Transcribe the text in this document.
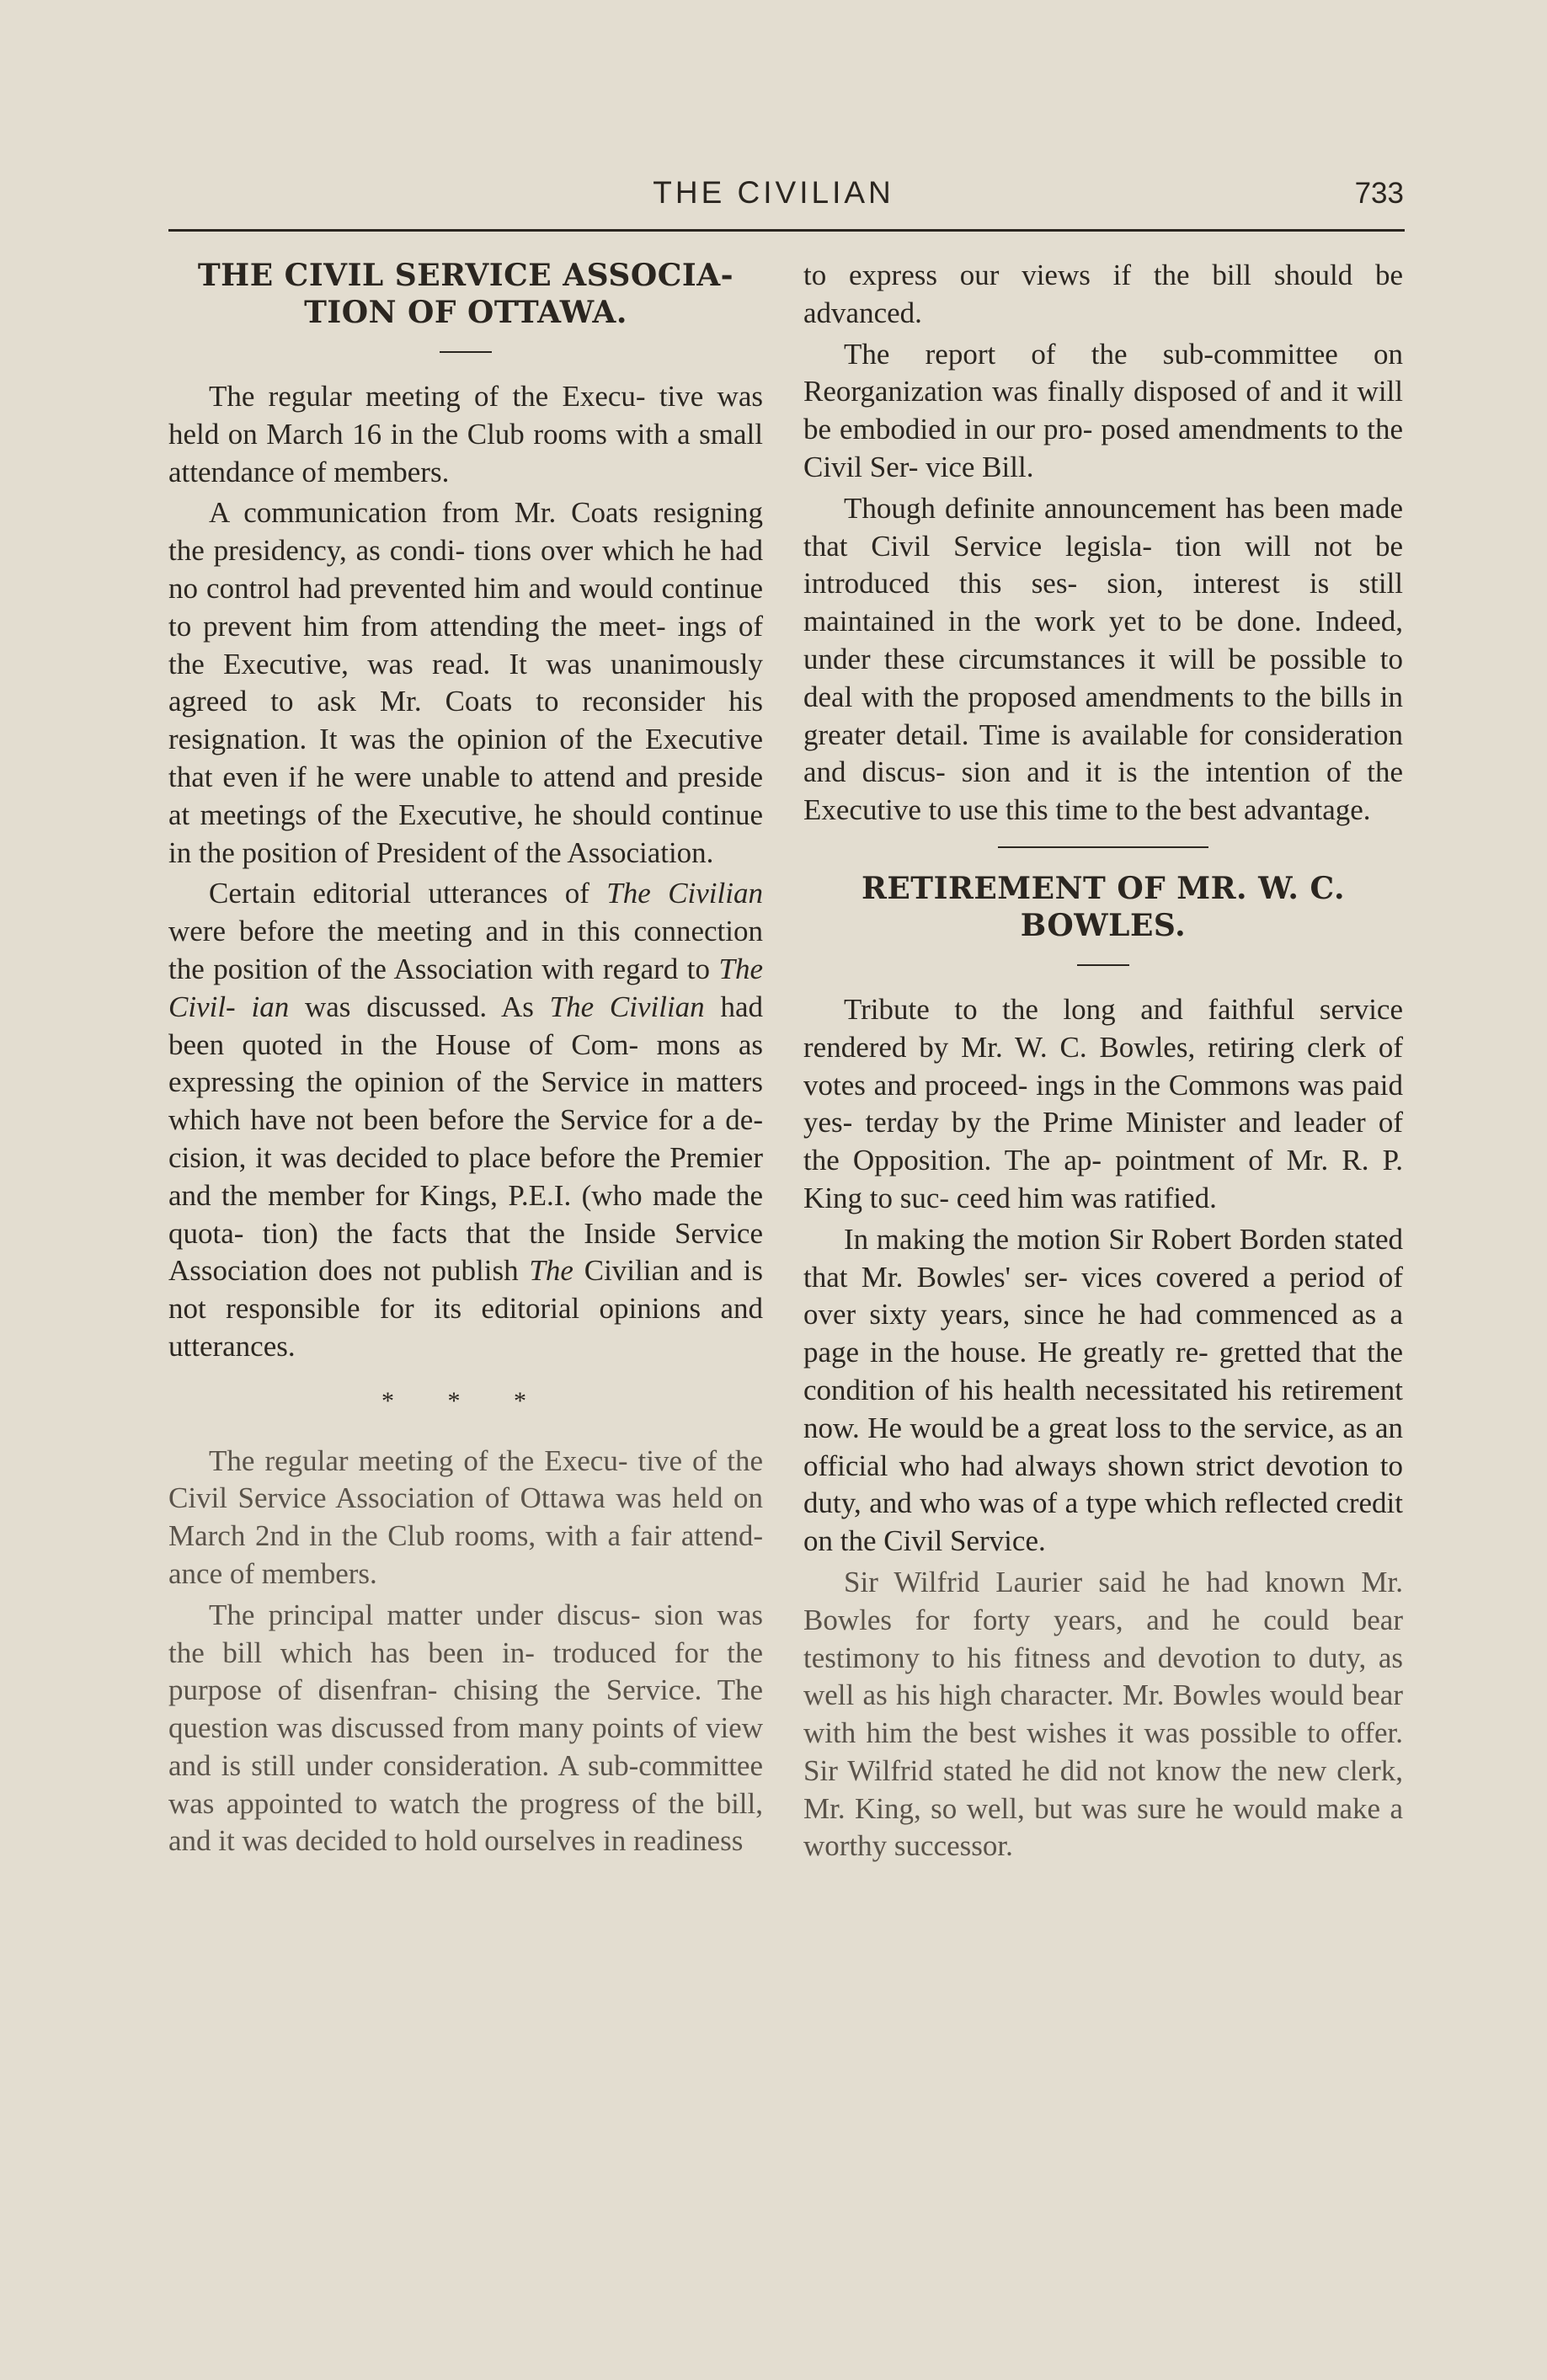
THE CIVILIAN	733
THE CIVIL SERVICE ASSOCIA- TION OF OTTAWA.

The regular meeting of the Execu- tive was held on March 16 in the Club rooms with a small attendance of members.

A communication from Mr. Coats resigning the presidency, as condi- tions over which he had no control had prevented him and would continue to prevent him from attending the meet- ings of the Executive, was read. It was unanimously agreed to ask Mr. Coats to reconsider his resignation. It was the opinion of the Executive that even if he were unable to attend and preside at meetings of the Executive, he should continue in the position of President of the Association.

Certain editorial utterances of The Civilian were before the meeting and in this connection the position of the Association with regard to The Civil- ian was discussed. As The Civilian had been quoted in the House of Com- mons as expressing the opinion of the Service in matters which have not been before the Service for a de- cision, it was decided to place before the Premier and the member for Kings, P.E.I. (who made the quota- tion) the facts that the Inside Service Association does not publish The Civilian and is not responsible for its editorial opinions and utterances.

* * *

The regular meeting of the Execu- tive of the Civil Service Association of Ottawa was held on March 2nd in the Club rooms, with a fair attend- ance of members.

The principal matter under discus- sion was the bill which has been in- troduced for the purpose of disenfran- chising the Service. The question was discussed from many points of view and is still under consideration. A sub-committee was appointed to watch the progress of the bill, and it was decided to hold ourselves in readiness

to express our views if the bill should be advanced.

The report of the sub-committee on Reorganization was finally disposed of and it will be embodied in our pro- posed amendments to the Civil Ser- vice Bill.

Though definite announcement has been made that Civil Service legisla- tion will not be introduced this ses- sion, interest is still maintained in the work yet to be done. Indeed, under these circumstances it will be possible to deal with the proposed amendments to the bills in greater detail. Time is available for consideration and discus- sion and it is the intention of the Executive to use this time to the best advantage.

RETIREMENT OF MR. W. C. BOWLES.

Tribute to the long and faithful service rendered by Mr. W. C. Bowles, retiring clerk of votes and proceed- ings in the Commons was paid yes- terday by the Prime Minister and leader of the Opposition. The ap- pointment of Mr. R. P. King to suc- ceed him was ratified.

In making the motion Sir Robert Borden stated that Mr. Bowles' ser- vices covered a period of over sixty years, since he had commenced as a page in the house. He greatly re- gretted that the condition of his health necessitated his retirement now. He would be a great loss to the service, as an official who had always shown strict devotion to duty, and who was of a type which reflected credit on the Civil Service.

Sir Wilfrid Laurier said he had known Mr. Bowles for forty years, and he could bear testimony to his fitness and devotion to duty, as well as his high character. Mr. Bowles would bear with him the best wishes it was possible to offer. Sir Wilfrid stated he did not know the new clerk, Mr. King, so well, but was sure he would make a worthy successor.
